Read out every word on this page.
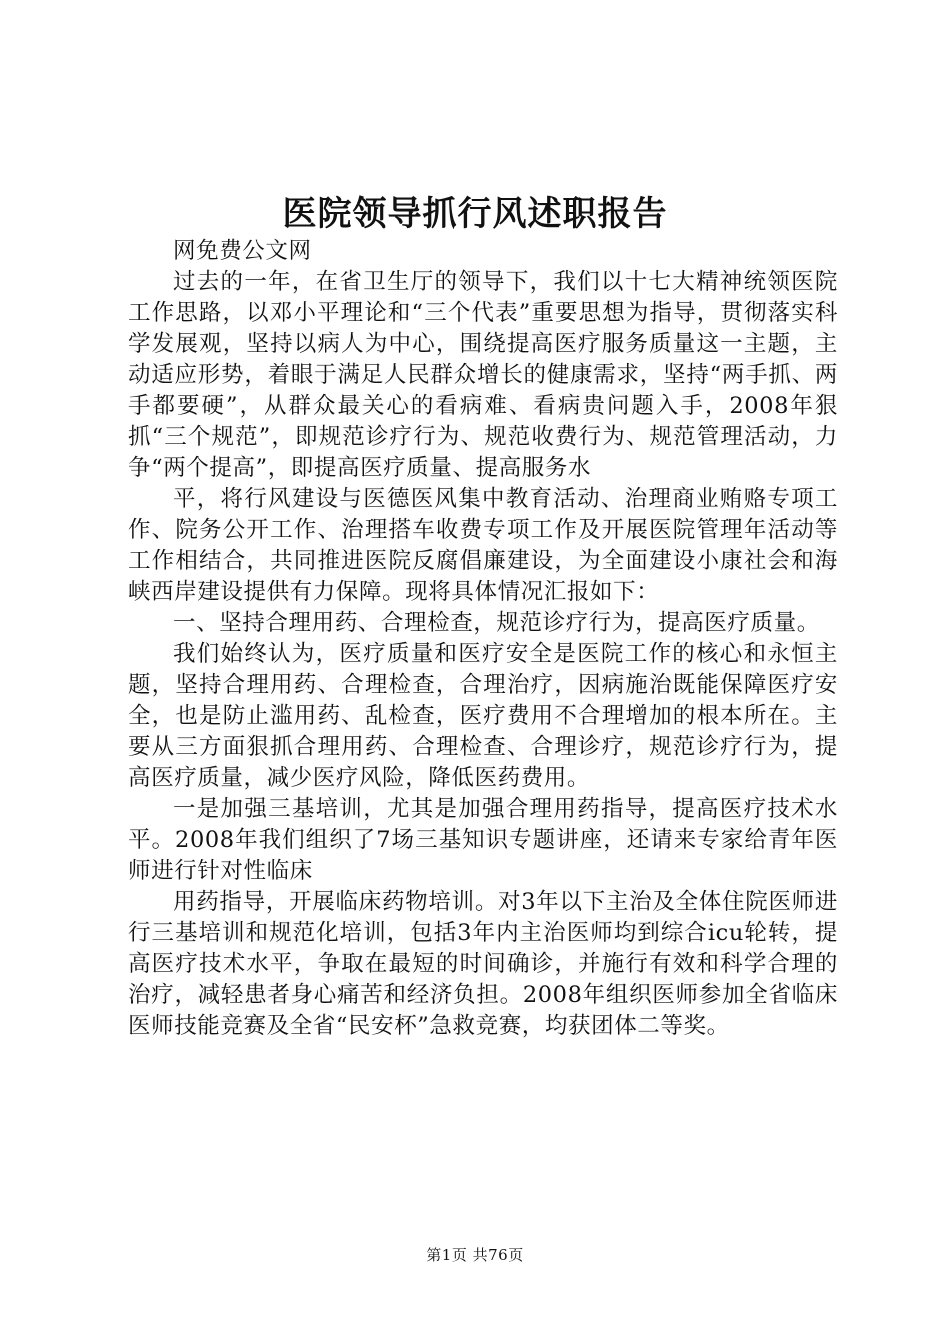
医院领导抓行风述职报告

网免费公文网

过去的一年，在省卫生厅的领导下，我们以十七大精神统领医院工作思路，以邓小平理论和“三个代表”重要思想为指导，贯彻落实科学发展观，坚持以病人为中心，围绕提高医疗服务质量这一主题，主动适应形势，着眼于满足人民群众增长的健康需求，坚持“两手抓、两手都要硬”，从群众最关心的看病难、看病贵问题入手，2008年狠抓“三个规范”，即规范诊疗行为、规范收费行为、规范管理活动，力争“两个提高”，即提高医疗质量、提高服务水

平，将行风建设与医德医风集中教育活动、治理商业贿赂专项工作、院务公开工作、治理搭车收费专项工作及开展医院管理年活动等工作相结合，共同推进医院反腐倡廉建设，为全面建设小康社会和海峡西岸建设提供有力保障。现将具体情况汇报如下：

一、坚持合理用药、合理检查，规范诊疗行为，提高医疗质量。

我们始终认为，医疗质量和医疗安全是医院工作的核心和永恒主题，坚持合理用药、合理检查，合理治疗，因病施治既能保障医疗安全，也是防止滥用药、乱检查，医疗费用不合理增加的根本所在。主要从三方面狠抓合理用药、合理检查、合理诊疗，规范诊疗行为，提高医疗质量，减少医疗风险，降低医药费用。

一是加强三基培训，尤其是加强合理用药指导，提高医疗技术水平。2008年我们组织了7场三基知识专题讲座，还请来专家给青年医师进行针对性临床

用药指导，开展临床药物培训。对3年以下主治及全体住院医师进行三基培训和规范化培训，包括3年内主治医师均到综合icu轮转，提高医疗技术水平，争取在最短的时间确诊，并施行有效和科学合理的治疗，减轻患者身心痛苦和经济负担。2008年组织医师参加全省临床医师技能竞赛及全省“民安杯”急救竞赛，均获团体二等奖。

第1页 共76页
